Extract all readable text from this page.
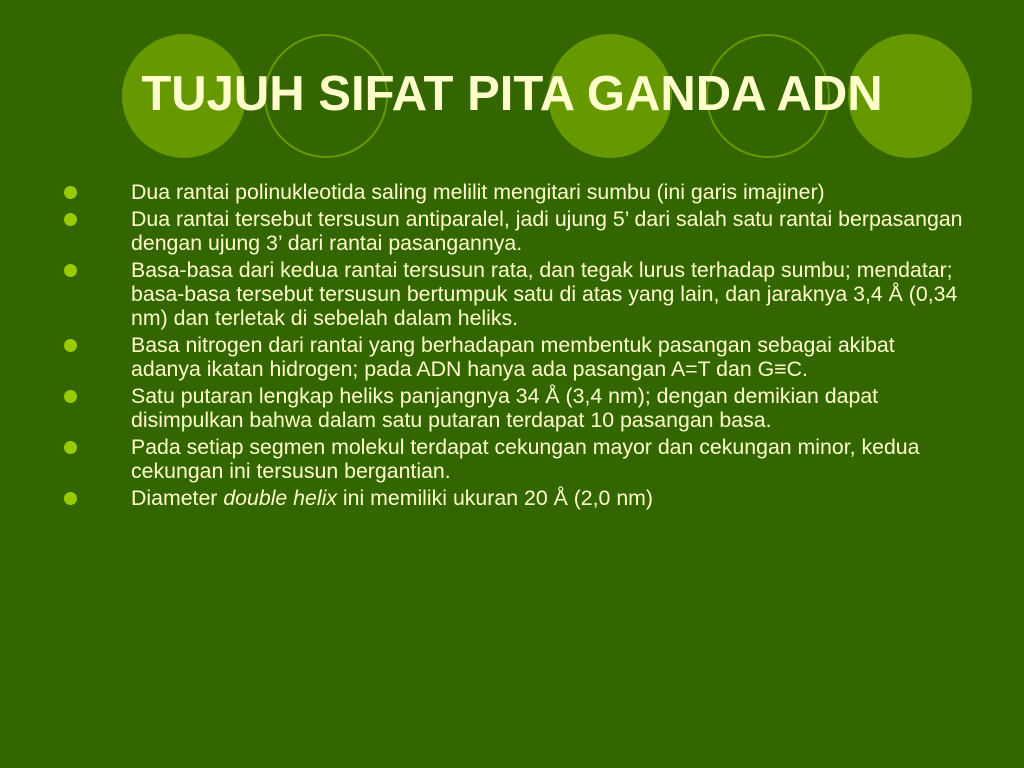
TUJUH SIFAT PITA GANDA ADN
Dua rantai polinukleotida saling melilit mengitari sumbu (ini garis imajiner)
Dua rantai tersebut tersusun antiparalel, jadi ujung 5’ dari salah satu rantai berpasangan dengan ujung 3’ dari rantai pasangannya.
Basa-basa dari kedua rantai tersusun rata, dan tegak lurus terhadap sumbu; mendatar; basa-basa tersebut tersusun bertumpuk satu di atas yang lain, dan jaraknya 3,4 Å (0,34 nm) dan terletak di sebelah dalam heliks.
Basa nitrogen dari rantai yang berhadapan membentuk pasangan sebagai akibat adanya ikatan hidrogen; pada ADN hanya ada pasangan A=T dan G≡C.
Satu putaran lengkap heliks panjangnya 34 Å (3,4 nm); dengan demikian dapat disimpulkan bahwa dalam satu putaran terdapat 10 pasangan basa.
Pada setiap segmen molekul terdapat cekungan mayor dan cekungan minor, kedua cekungan ini tersusun bergantian.
Diameter double helix ini memiliki ukuran 20 Å (2,0 nm)
